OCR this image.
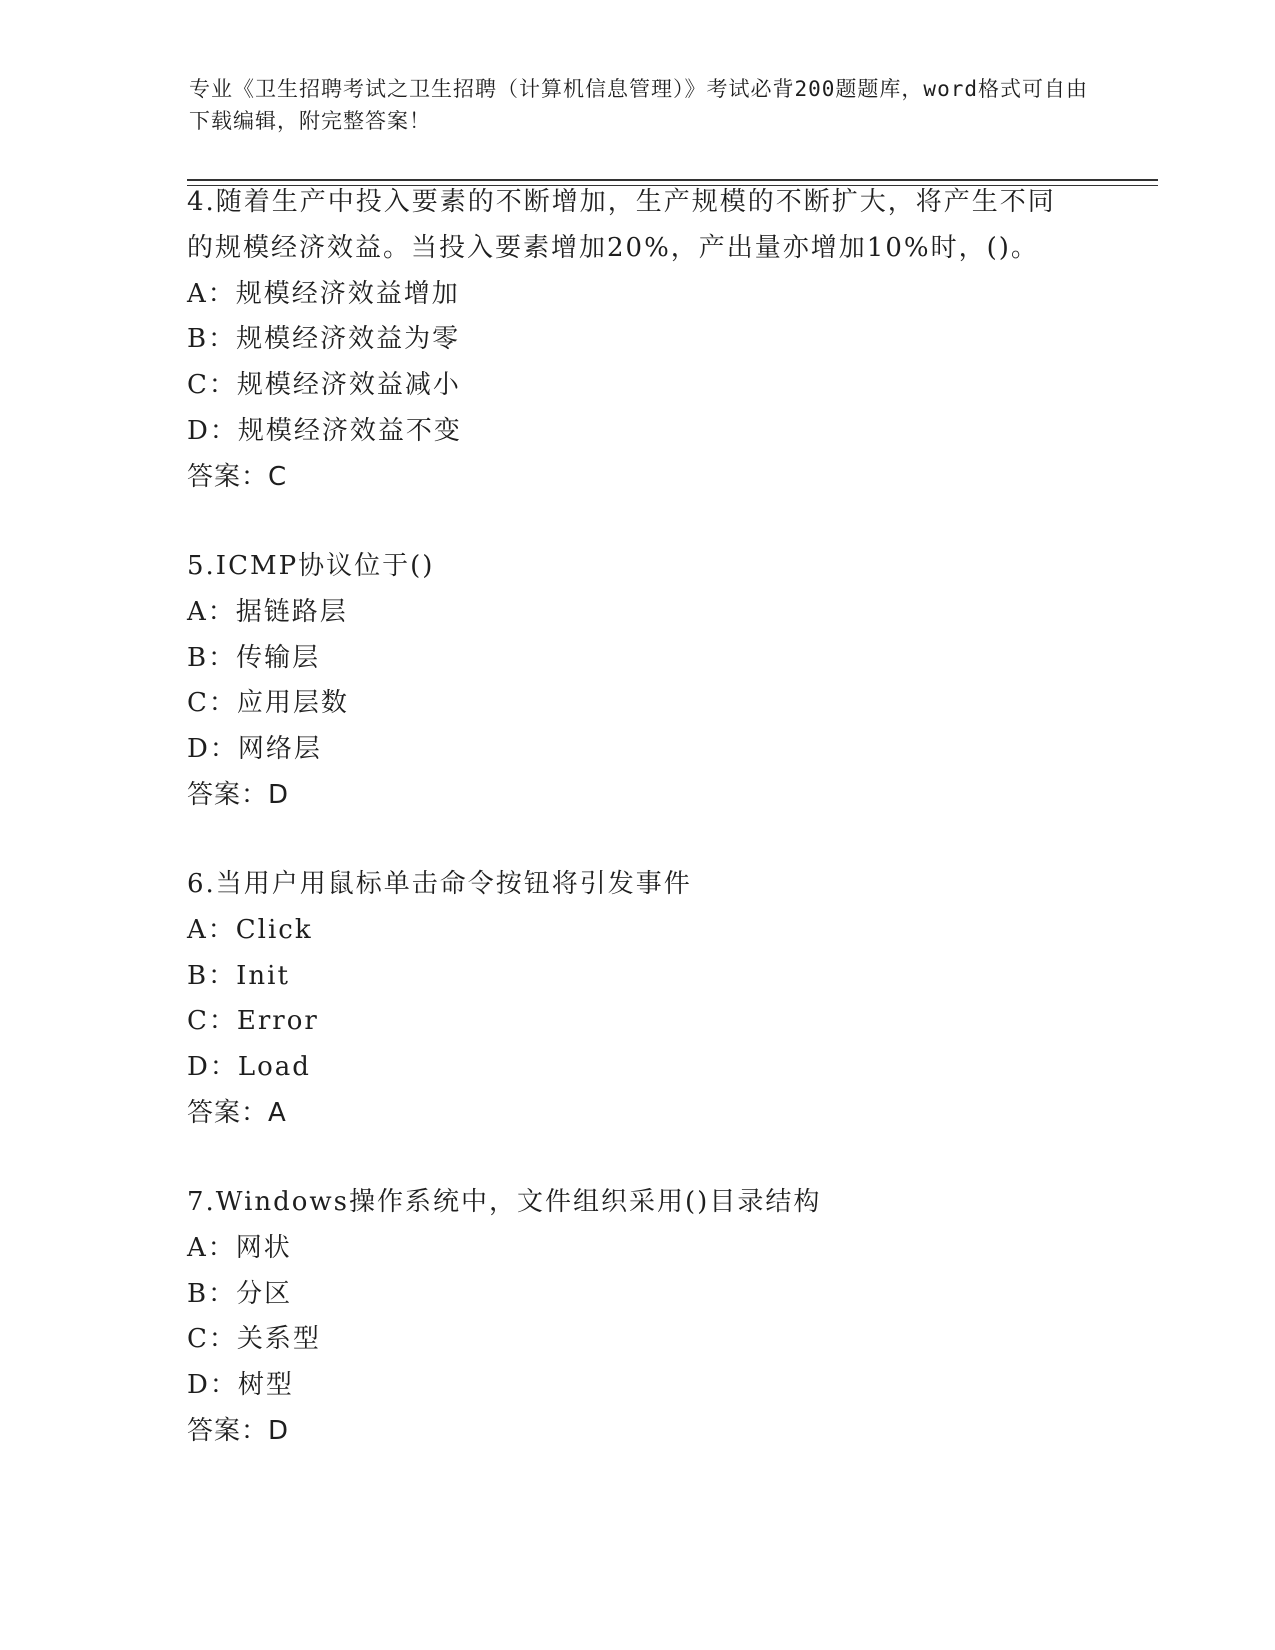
专业《卫生招聘考试之卫生招聘（计算机信息管理）》考试必背200题题库，word格式可自由下载编辑，附完整答案！
4.随着生产中投入要素的不断增加，生产规模的不断扩大，将产生不同的规模经济效益。当投入要素增加20%，产出量亦增加10%时，()。
A：规模经济效益增加
B：规模经济效益为零
C：规模经济效益减小
D：规模经济效益不变
答案：C
5.ICMP协议位于()
A：据链路层
B：传输层
C：应用层数
D：网络层
答案：D
6.当用户用鼠标单击命令按钮将引发事件
A：Click
B：Init
C：Error
D：Load
答案：A
7.Windows操作系统中，文件组织采用()目录结构
A：网状
B：分区
C：关系型
D：树型
答案：D
